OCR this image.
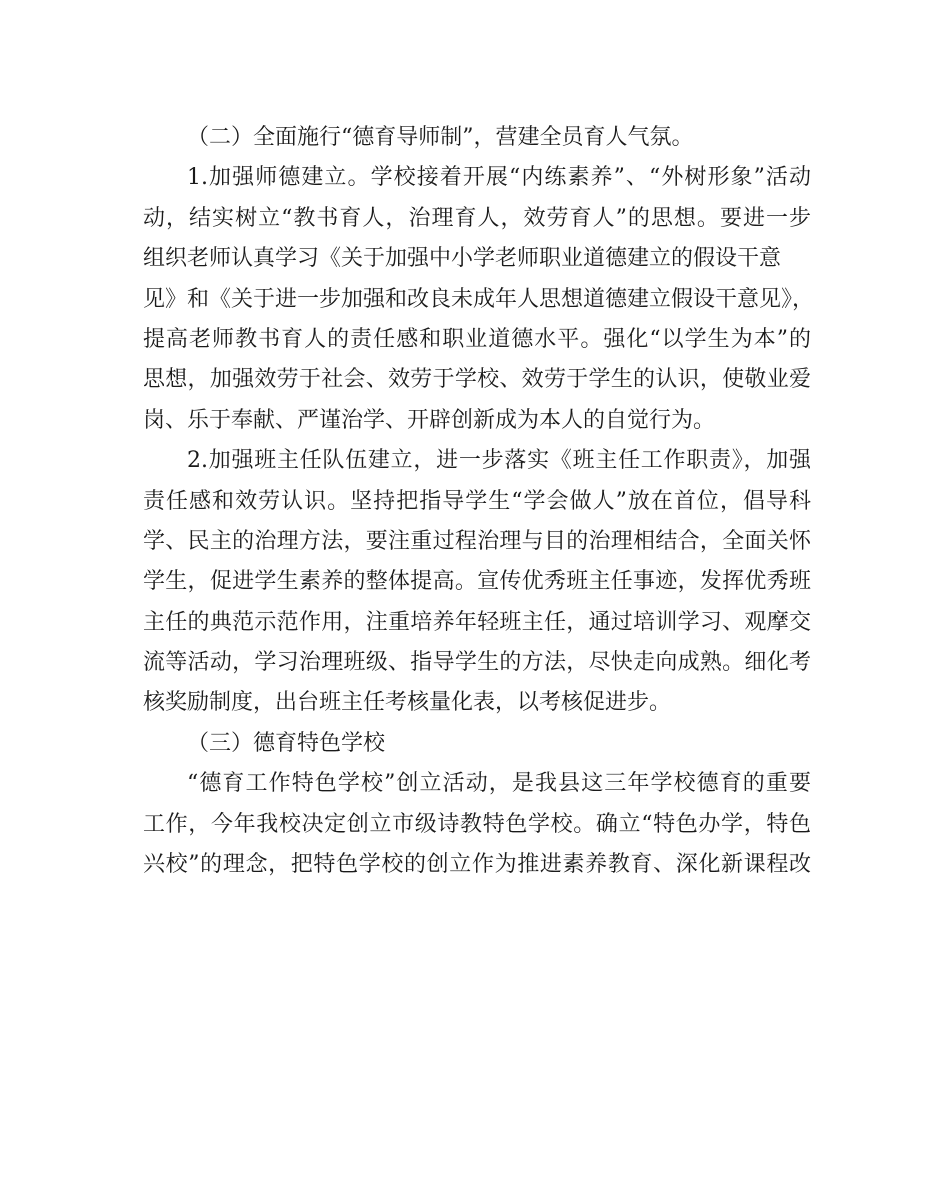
（二）全面施行“德育导师制”，营建全员育人气氛。
1.加强师德建立。学校接着开展“内练素养”、“外树形象”活动
动，结实树立“教书育人，治理育人，效劳育人”的思想。要进一步
组织老师认真学习《关于加强中小学老师职业道德建立的假设干意
见》和《关于进一步加强和改良未成年人思想道德建立假设干意见》，
提高老师教书育人的责任感和职业道德水平。强化“以学生为本”的
思想，加强效劳于社会、效劳于学校、效劳于学生的认识，使敬业爱
岗、乐于奉献、严谨治学、开辟创新成为本人的自觉行为。
2.加强班主任队伍建立，进一步落实《班主任工作职责》，加强
责任感和效劳认识。坚持把指导学生“学会做人”放在首位，倡导科
学、民主的治理方法，要注重过程治理与目的治理相结合，全面关怀
学生，促进学生素养的整体提高。宣传优秀班主任事迹，发挥优秀班
主任的典范示范作用，注重培养年轻班主任，通过培训学习、观摩交
流等活动，学习治理班级、指导学生的方法，尽快走向成熟。细化考
核奖励制度，出台班主任考核量化表，以考核促进步。
（三）德育特色学校
“德育工作特色学校”创立活动，是我县这三年学校德育的重要
工作，今年我校决定创立市级诗教特色学校。确立“特色办学，特色
兴校”的理念，把特色学校的创立作为推进素养教育、深化新课程改
